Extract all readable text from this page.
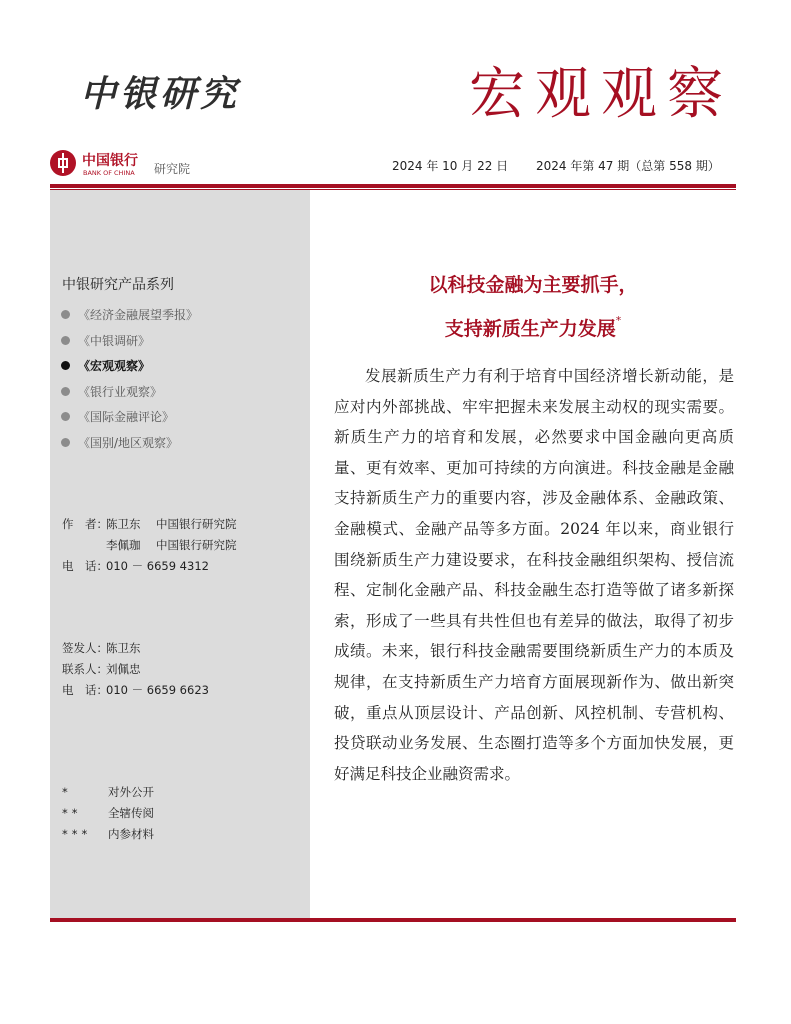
中银研究	宏观观察
中国银行
BANK OF CHINA 研究院	2024 年 10 月 22 日 2024 年第 47 期（总第 558 期）
中银研究产品系列
《经济金融展望季报》
《中银调研》
《宏观观察》
《银行业观察》
《国际金融评论》
《国别/地区观察》
作　者：陈卫东 中国银行研究院
李佩珈 中国银行研究院
电　话：010 － 6659 4312
签发人：陈卫东
联系人：刘佩忠
电　话：010 － 6659 6623
*	对外公开
** 全辖传阅
*** 内参材料
以科技金融为主要抓手，
支持新质生产力发展*

发展新质生产力有利于培育中国经济增长新动能，是应对内外部挑战、牢牢把握未来发展主动权的现实需要。新质生产力的培育和发展，必然要求中国金融向更高质量、更有效率、更加可持续的方向演进。科技金融是金融支持新质生产力的重要内容，涉及金融体系、金融政策、金融模式、金融产品等多方面。2024 年以来，商业银行围绕新质生产力建设要求，在科技金融组织架构、授信流程、定制化金融产品、科技金融生态打造等做了诸多新探索，形成了一些具有共性但也有差异的做法，取得了初步成绩。未来，银行科技金融需要围绕新质生产力的本质及规律，在支持新质生产力培育方面展现新作为、做出新突破，重点从顶层设计、产品创新、风控机制、专营机构、投贷联动业务发展、生态圈打造等多个方面加快发展，更好满足科技企业融资需求。
